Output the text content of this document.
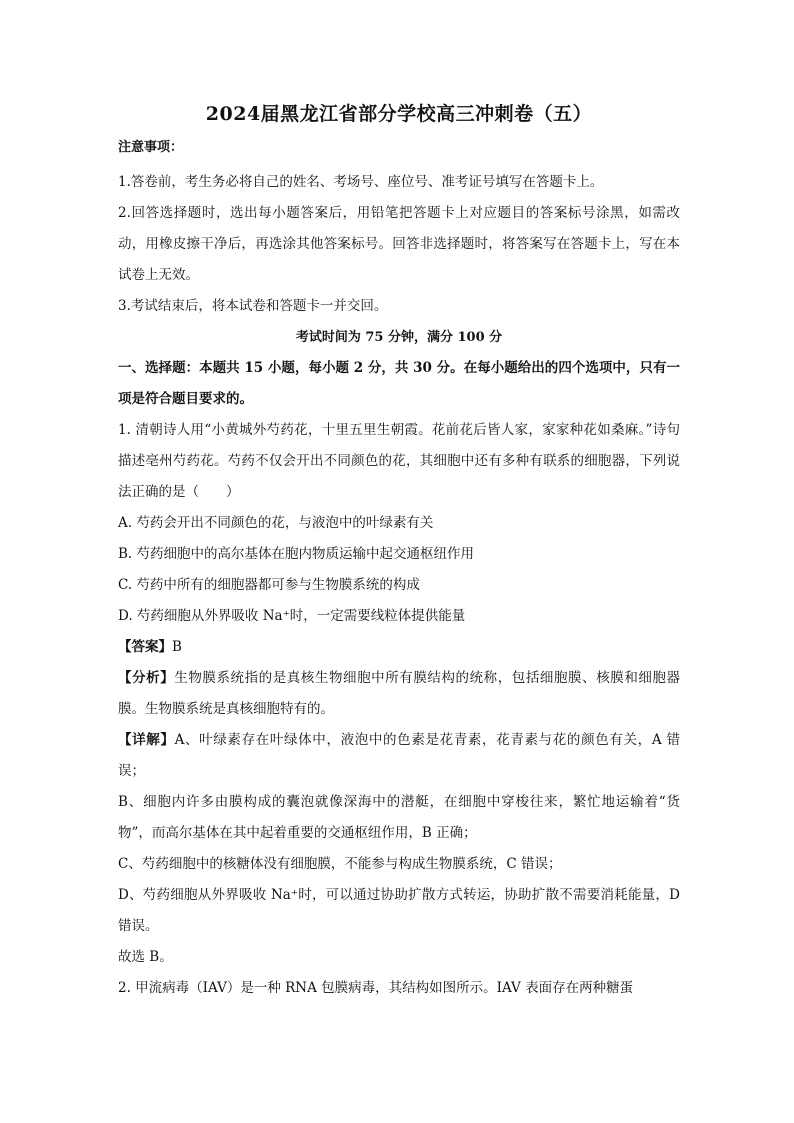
2024届黑龙江省部分学校高三冲刺卷（五）
注意事项：
1.答卷前，考生务必将自己的姓名、考场号、座位号、准考证号填写在答题卡上。
2.回答选择题时，选出每小题答案后，用铅笔把答题卡上对应题目的答案标号涂黑，如需改动，用橡皮擦干净后，再选涂其他答案标号。回答非选择题时，将答案写在答题卡上，写在本试卷上无效。
3.考试结束后，将本试卷和答题卡一并交回。
考试时间为 75 分钟，满分 100 分
一、选择题：本题共 15 小题，每小题 2 分，共 30 分。在每小题给出的四个选项中，只有一项是符合题目要求的。
1. 清朝诗人用“小黄城外芍药花，十里五里生朝霞。花前花后皆人家，家家种花如桑麻。”诗句描述亳州芍药花。芍药不仅会开出不同颜色的花，其细胞中还有多种有联系的细胞器，下列说法正确的是（　　）
A. 芍药会开出不同颜色的花，与液泡中的叶绿素有关
B. 芍药细胞中的高尔基体在胞内物质运输中起交通枢纽作用
C. 芍药中所有的细胞器都可参与生物膜系统的构成
D. 芍药细胞从外界吸收 Na⁺时，一定需要线粒体提供能量
【答案】B
【分析】生物膜系统指的是真核生物细胞中所有膜结构的统称，包括细胞膜、核膜和细胞器膜。生物膜系统是真核细胞特有的。
【详解】A、叶绿素存在叶绿体中，液泡中的色素是花青素，花青素与花的颜色有关，A 错误；
B、细胞内许多由膜构成的囊泡就像深海中的潜艇，在细胞中穿梭往来，繁忙地运输着“货物”，而高尔基体在其中起着重要的交通枢纽作用，B 正确；
C、芍药细胞中的核糖体没有细胞膜，不能参与构成生物膜系统，C 错误；
D、芍药细胞从外界吸收 Na⁺时，可以通过协助扩散方式转运，协助扩散不需要消耗能量，D 错误。
故选 B。
2. 甲流病毒（IAV）是一种 RNA 包膜病毒，其结构如图所示。IAV 表面存在两种糖蛋
